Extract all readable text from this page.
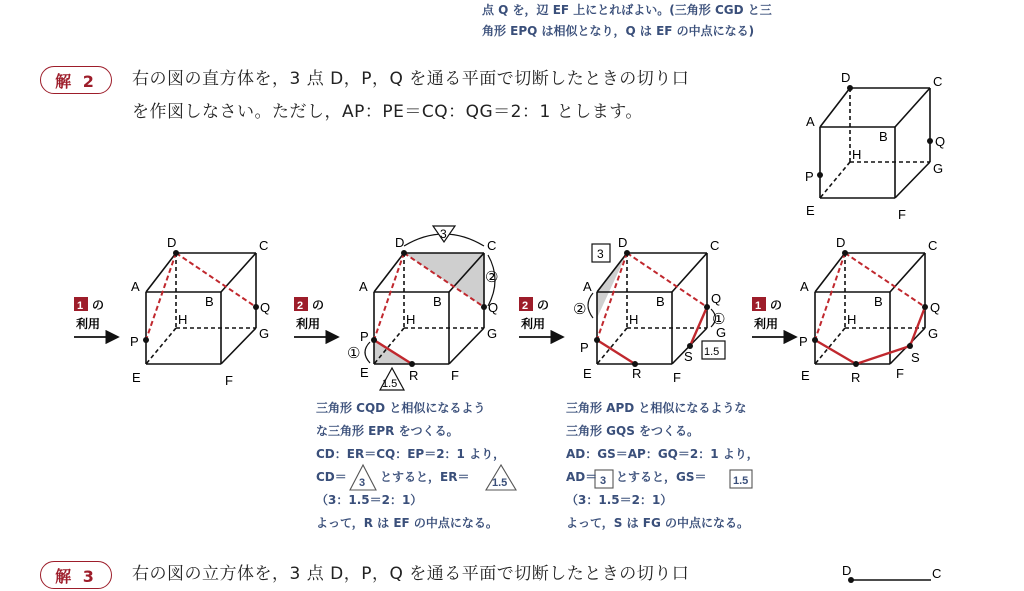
点 Q を，辺 EF 上にとればよい。(三角形 CGD と三
角形 EPQ は相似となり，Q は EF の中点になる)
解 2	右の図の直方体を，3 点 D，P，Q を通る平面で切断したときの切り口
を作図しなさい。ただし，AP：PE＝CQ：QG＝2：1 とします。
D	C
A
B
H
Q
G
P
E	F
D	C
A
B
H
Q
G
P
E	F
3
②
①
1.5
D	C
A
B
H
Q
G
P
E	R	F
3
②
①
1.5
D	C
A
B
H
Q
G
P
E	R
S
F
D	C
A
B
H
Q
G
P
E	R
S
F
1 の
利用
2 の
利用
2 の
利用
1 の
利用
3	1.5	3	1.5
D	C
三角形 CQD と相似になるよう
な三角形 EPR をつくる。
CD：ER＝CQ：EP＝2：1 より，
CD＝	とすると，ER＝
（3：1.5＝2：1）
よって，R は EF の中点になる。
三角形 APD と相似になるような
三角形 GQS をつくる。
AD：GS＝AP：GQ＝2：1 より，
AD＝ とすると，GS＝
（3：1.5＝2：1）
よって，S は FG の中点になる。
解 3	右の図の立方体を，3 点 D，P，Q を通る平面で切断したときの切り口
